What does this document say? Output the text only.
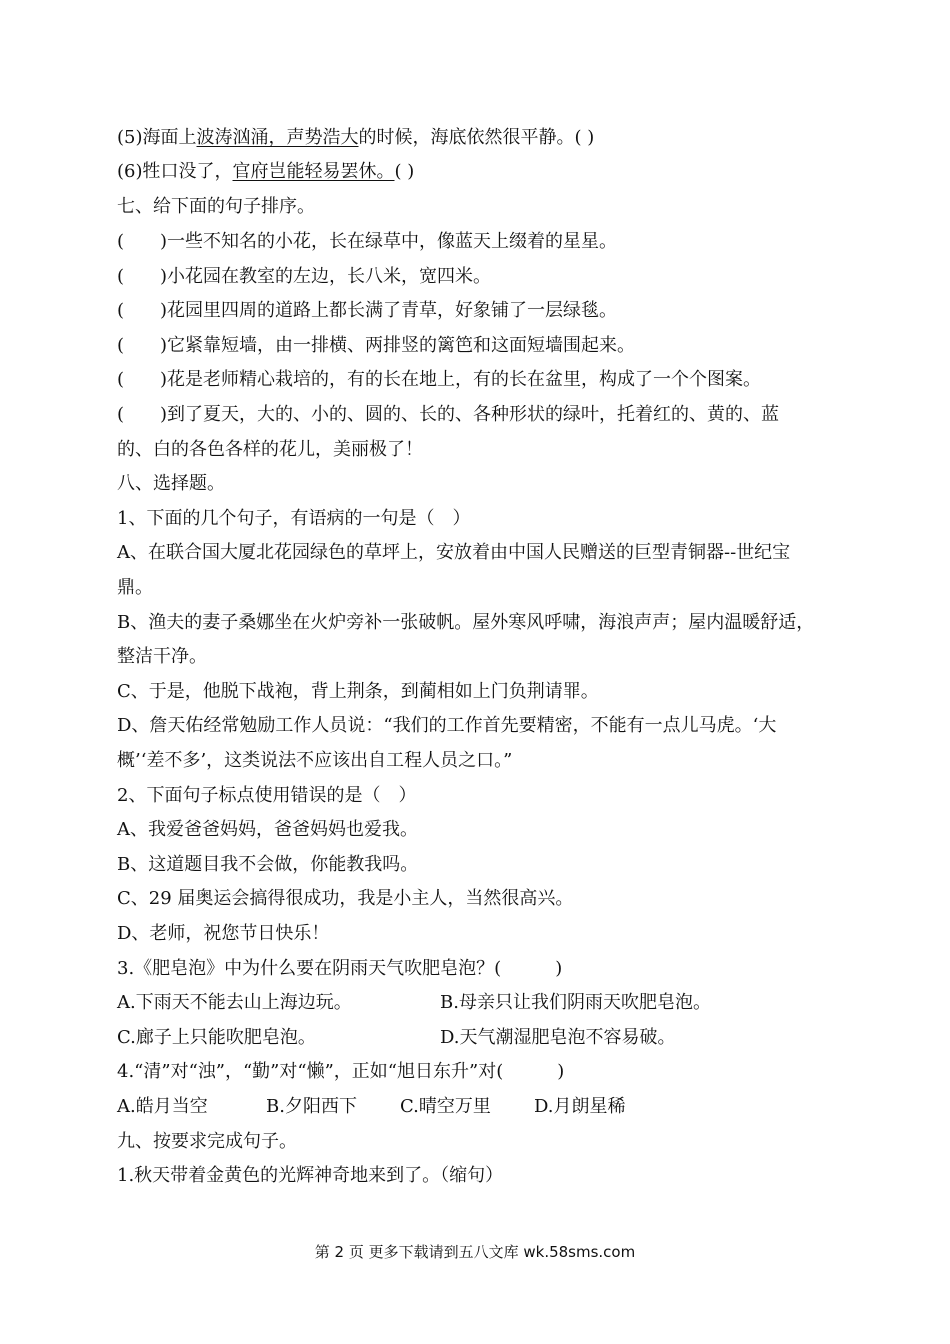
(5)海面上波涛汹涌，声势浩大的时候，海底依然很平静。( )
(6)牲口没了，官府岂能轻易罢休。( )
七、给下面的句子排序。
(　　)一些不知名的小花，长在绿草中，像蓝天上缀着的星星。
(　　)小花园在教室的左边，长八米，宽四米。
(　　)花园里四周的道路上都长满了青草，好象铺了一层绿毯。
(　　)它紧靠短墙，由一排横、两排竖的篱笆和这面短墙围起来。
(　　)花是老师精心栽培的，有的长在地上，有的长在盆里，构成了一个个图案。
(　　)到了夏天，大的、小的、圆的、长的、各种形状的绿叶，托着红的、黄的、蓝
的、白的各色各样的花儿，美丽极了！
八、选择题。
1、下面的几个句子，有语病的一句是（　）
A、在联合国大厦北花园绿色的草坪上，安放着由中国人民赠送的巨型青铜器--世纪宝
鼎。
B、渔夫的妻子桑娜坐在火炉旁补一张破帆。屋外寒风呼啸，海浪声声；屋内温暖舒适，
整洁干净。
C、于是，他脱下战袍，背上荆条，到蔺相如上门负荆请罪。
D、詹天佑经常勉励工作人员说：“我们的工作首先要精密，不能有一点儿马虎。‘大
概’‘差不多’，这类说法不应该出自工程人员之口。”
2、下面句子标点使用错误的是（　）
A、我爱爸爸妈妈，爸爸妈妈也爱我。
B、这道题目我不会做，你能教我吗。
C、29 届奥运会搞得很成功，我是小主人，当然很高兴。
D、老师，祝您节日快乐！
3.《肥皂泡》中为什么要在阴雨天气吹肥皂泡？(　　　)
A.下雨天不能去山上海边玩。	B.母亲只让我们阴雨天吹肥皂泡。
C.廊子上只能吹肥皂泡。	D.天气潮湿肥皂泡不容易破。
4.“清”对“浊”，“勤”对“懒”，正如“旭日东升”对(　　　)
A.皓月当空	B.夕阳西下 C.晴空万里 D.月朗星稀
九、按要求完成句子。
1.秋天带着金黄色的光辉神奇地来到了。（缩句）
第 2 页 更多下载请到五八文库 wk.58sms.com
